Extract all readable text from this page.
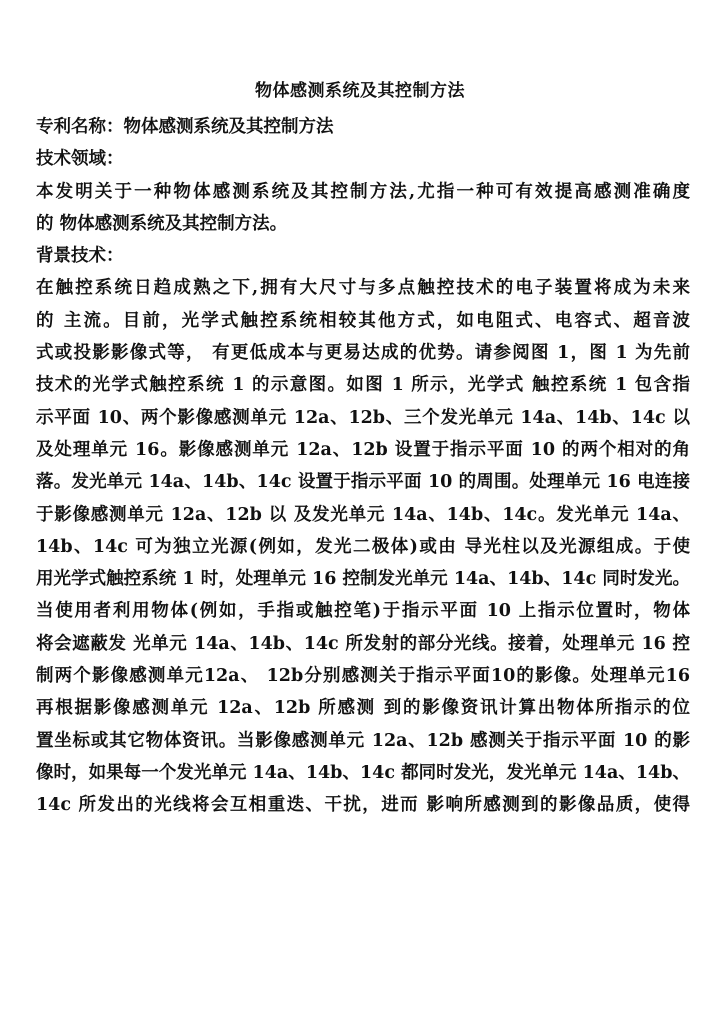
物体感测系统及其控制方法
专利名称：物体感测系统及其控制方法
技术领域：
本发明关于一种物体感测系统及其控制方法,尤指一种可有效提高感测准确度
的 物体感测系统及其控制方法。
背景技术：
在触控系统日趋成熟之下,拥有大尺寸与多点触控技术的电子装置将成为未来
的 主流。目前，光学式触控系统相较其他方式，如电阻式、电容式、超音波
式或投影影像式等， 有更低成本与更易达成的优势。请参阅图 1，图 1 为先前
技术的光学式触控系统 1 的示意图。如图 1 所示，光学式 触控系统 1 包含指
示平面 10、两个影像感测单元 12a、12b、三个发光单元 14a、14b、14c 以
及处理单元 16。影像感测单元 12a、12b 设置于指示平面 10 的两个相对的角
落。发光单元 14a、14b、14c 设置于指示平面 10 的周围。处理单元 16 电连接
于影像感测单元 12a、12b 以 及发光单元 14a、14b、14c。发光单元 14a、
14b、14c 可为独立光源(例如，发光二极体)或由 导光柱以及光源组成。于使
用光学式触控系统 1 时，处理单元 16 控制发光单元 14a、14b、14c 同时发光。
当使用者利用物体(例如，手指或触控笔)于指示平面 10 上指示位置时，物体
将会遮蔽发 光单元 14a、14b、14c 所发射的部分光线。接着，处理单元 16 控
制两个影像感测单元12a、 12b分别感测关于指示平面10的影像。处理单元16
再根据影像感测单元 12a、12b 所感测 到的影像资讯计算出物体所指示的位
置坐标或其它物体资讯。当影像感测单元 12a、12b 感测关于指示平面 10 的影
像时，如果每一个发光单元 14a、14b、14c 都同时发光，发光单元 14a、14b、
14c 所发出的光线将会互相重迭、干扰，进而 影响所感测到的影像品质，使得
